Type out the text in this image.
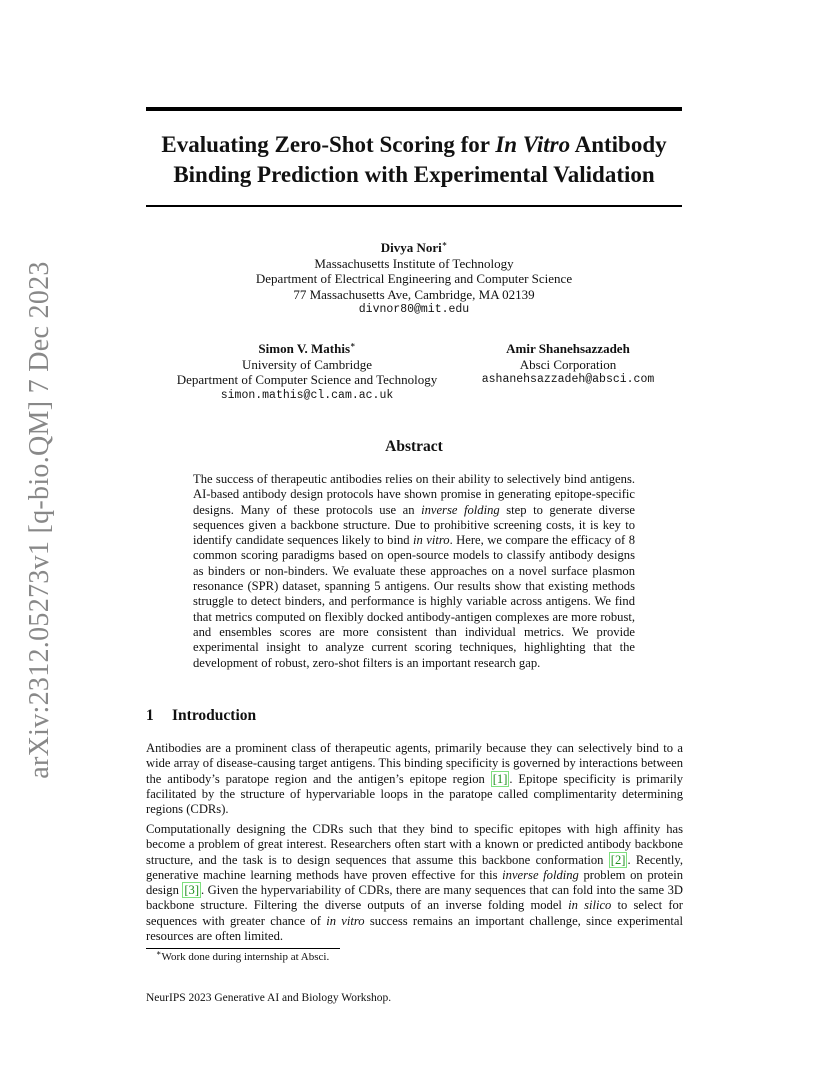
arXiv:2312.05273v1 [q-bio.QM] 7 Dec 2023
Evaluating Zero-Shot Scoring for In Vitro Antibody
Binding Prediction with Experimental Validation
Divya Nori∗
Massachusetts Institute of Technology
Department of Electrical Engineering and Computer Science
77 Massachusetts Ave, Cambridge, MA 02139
divnor80@mit.edu
Simon V. Mathis∗
University of Cambridge
Department of Computer Science and Technology
simon.mathis@cl.cam.ac.uk
Amir Shanehsazzadeh
Absci Corporation
ashanehsazzadeh@absci.com
Abstract
The success of therapeutic antibodies relies on their ability to selectively bind antigens. AI-based antibody design protocols have shown promise in generating epitope-specific designs. Many of these protocols use an inverse folding step to generate diverse sequences given a backbone structure. Due to prohibitive screening costs, it is key to identify candidate sequences likely to bind in vitro. Here, we compare the efficacy of 8 common scoring paradigms based on open-source models to classify antibody designs as binders or non-binders. We evaluate these approaches on a novel surface plasmon resonance (SPR) dataset, spanning 5 antigens. Our results show that existing methods struggle to detect binders, and performance is highly variable across antigens. We find that metrics computed on flexibly docked antibody-antigen complexes are more robust, and ensembles scores are more consistent than individual metrics. We provide experimental insight to analyze current scoring techniques, highlighting that the development of robust, zero-shot filters is an important research gap.
1 Introduction
Antibodies are a prominent class of therapeutic agents, primarily because they can selectively bind to a wide array of disease-causing target antigens. This binding specificity is governed by interactions between the antibody’s paratope region and the antigen’s epitope region [1] . Epitope specificity is primarily facilitated by the structure of hypervariable loops in the paratope called complimentarity determining regions (CDRs).
Computationally designing the CDRs such that they bind to specific epitopes with high affinity has become a problem of great interest. Researchers often start with a known or predicted antibody backbone structure, and the task is to design sequences that assume this backbone conformation [2] . Recently, generative machine learning methods have proven effective for this inverse folding problem on protein design [3] . Given the hypervariability of CDRs, there are many sequences that can fold into the same 3D backbone structure. Filtering the diverse outputs of an inverse folding model in silico to select for sequences with greater chance of in vitro success remains an important challenge, since experimental resources are often limited.
∗Work done during internship at Absci.
NeurIPS 2023 Generative AI and Biology Workshop.
